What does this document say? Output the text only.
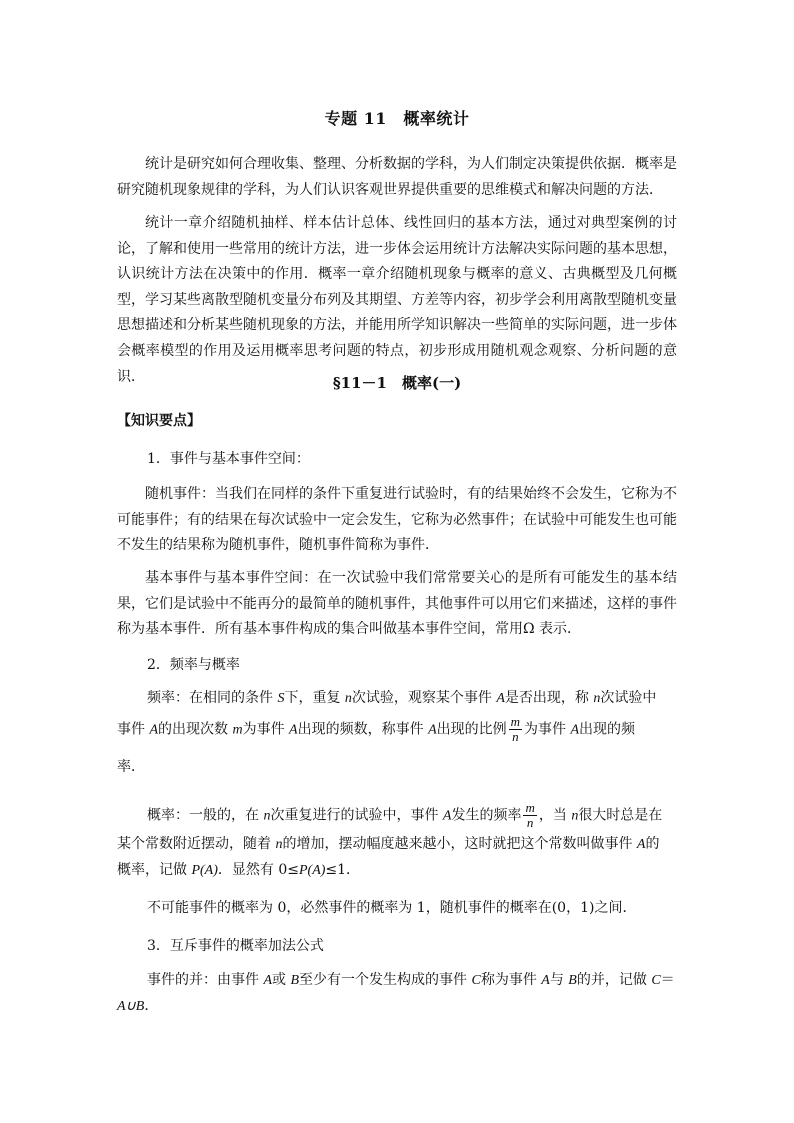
专题 11　概率统计
统计是研究如何合理收集、整理、分析数据的学科，为人们制定决策提供依据．概率是研究随机现象规律的学科，为人们认识客观世界提供重要的思维模式和解决问题的方法．
统计一章介绍随机抽样、样本估计总体、线性回归的基本方法，通过对典型案例的讨论，了解和使用一些常用的统计方法，进一步体会运用统计方法解决实际问题的基本思想，认识统计方法在决策中的作用．概率一章介绍随机现象与概率的意义、古典概型及几何概型，学习某些离散型随机变量分布列及其期望、方差等内容，初步学会利用离散型随机变量思想描述和分析某些随机现象的方法，并能用所学知识解决一些简单的实际问题，进一步体会概率模型的作用及运用概率思考问题的特点，初步形成用随机观念观察、分析问题的意识．	§11－1　概率(一)
【知识要点】
1．事件与基本事件空间：
随机事件：当我们在同样的条件下重复进行试验时，有的结果始终不会发生，它称为不可能事件；有的结果在每次试验中一定会发生，它称为必然事件；在试验中可能发生也可能不发生的结果称为随机事件，随机事件简称为事件．
基本事件与基本事件空间：在一次试验中我们常常要关心的是所有可能发生的基本结果，它们是试验中不能再分的最简单的随机事件，其他事件可以用它们来描述，这样的事件称为基本事件．所有基本事件构成的集合叫做基本事件空间，常用Ω 表示．
2．频率与概率
频率：在相同的条件 S下，重复 n次试验，观察某个事件 A是否出现，称 n次试验中
事件 A的出现次数 m为事件 A出现的频数，称事件 A出现的比例 $\frac{m}{n}$ 为事件 A出现的频
率．
概率：一般的，在 n次重复进行的试验中，事件 A发生的频率 $\frac{m}{n}$ ，当 n很大时总是在
某个常数附近摆动，随着 n的增加，摆动幅度越来越小，这时就把这个常数叫做事件 A的
概率，记做 P(A)．显然有 0≤P(A)≤1．
不可能事件的概率为 0，必然事件的概率为 1，随机事件的概率在(0，1)之间．
3．互斥事件的概率加法公式
事件的并：由事件 A或 B至少有一个发生构成的事件 C称为事件 A与 B的并，记做 C＝
A∪B．
